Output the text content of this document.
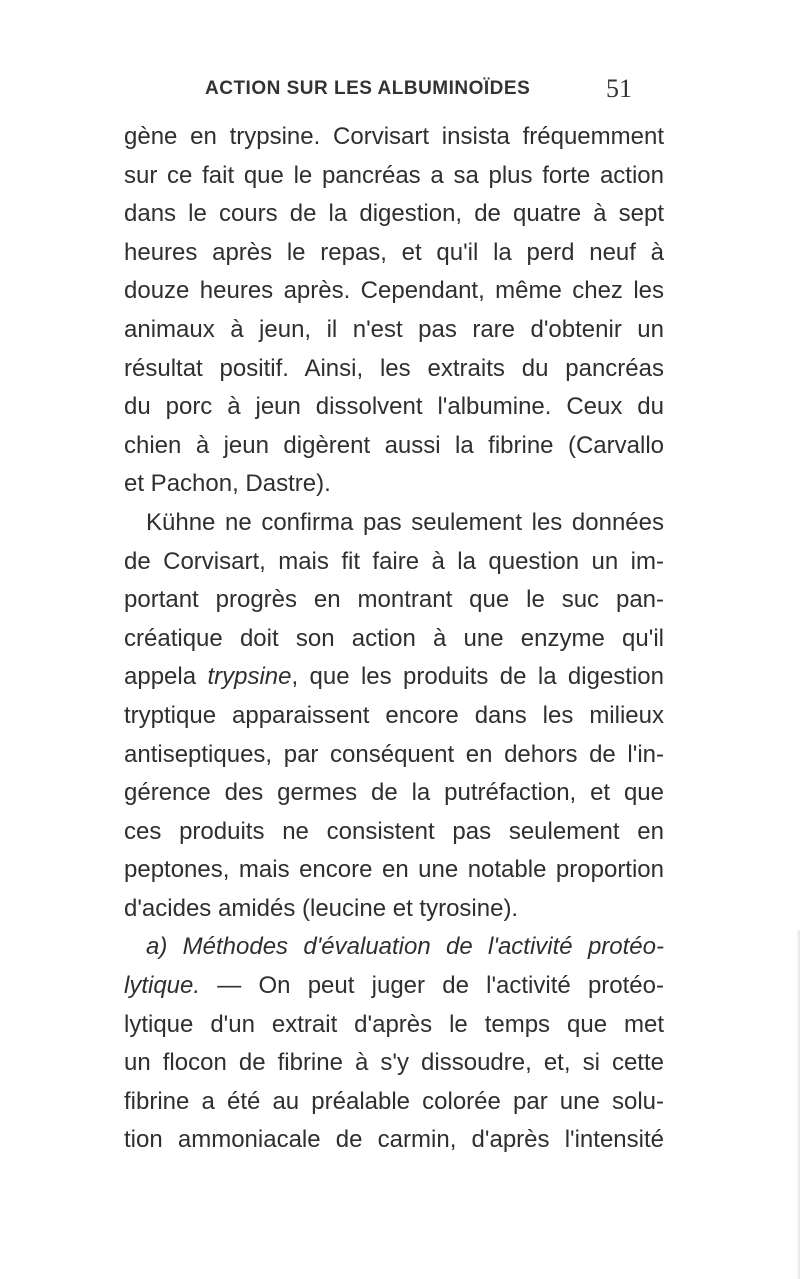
ACTION SUR LES ALBUMINOÏDES	51
gène en trypsine. Corvisart insista fréquemment
sur ce fait que le pancréas a sa plus forte action
dans le cours de la digestion, de quatre à sept
heures après le repas, et qu'il la perd neuf à
douze heures après. Cependant, même chez les
animaux à jeun, il n'est pas rare d'obtenir un
résultat positif. Ainsi, les extraits du pancréas
du porc à jeun dissolvent l'albumine. Ceux du
chien à jeun digèrent aussi la fibrine (Carvallo
et Pachon, Dastre).
Kühne ne confirma pas seulement les données
de Corvisart, mais fit faire à la question un im-
portant progrès en montrant que le suc pan-
créatique doit son action à une enzyme qu'il
appela trypsine, que les produits de la digestion
tryptique apparaissent encore dans les milieux
antiseptiques, par conséquent en dehors de l'in-
gérence des germes de la putréfaction, et que
ces produits ne consistent pas seulement en
peptones, mais encore en une notable proportion
d'acides amidés (leucine et tyrosine).
a) Méthodes d'évaluation de l'activité protéo-
lytique. — On peut juger de l'activité protéo-
lytique d'un extrait d'après le temps que met
un flocon de fibrine à s'y dissoudre, et, si cette
fibrine a été au préalable colorée par une solu-
tion ammoniacale de carmin, d'après l'intensité
